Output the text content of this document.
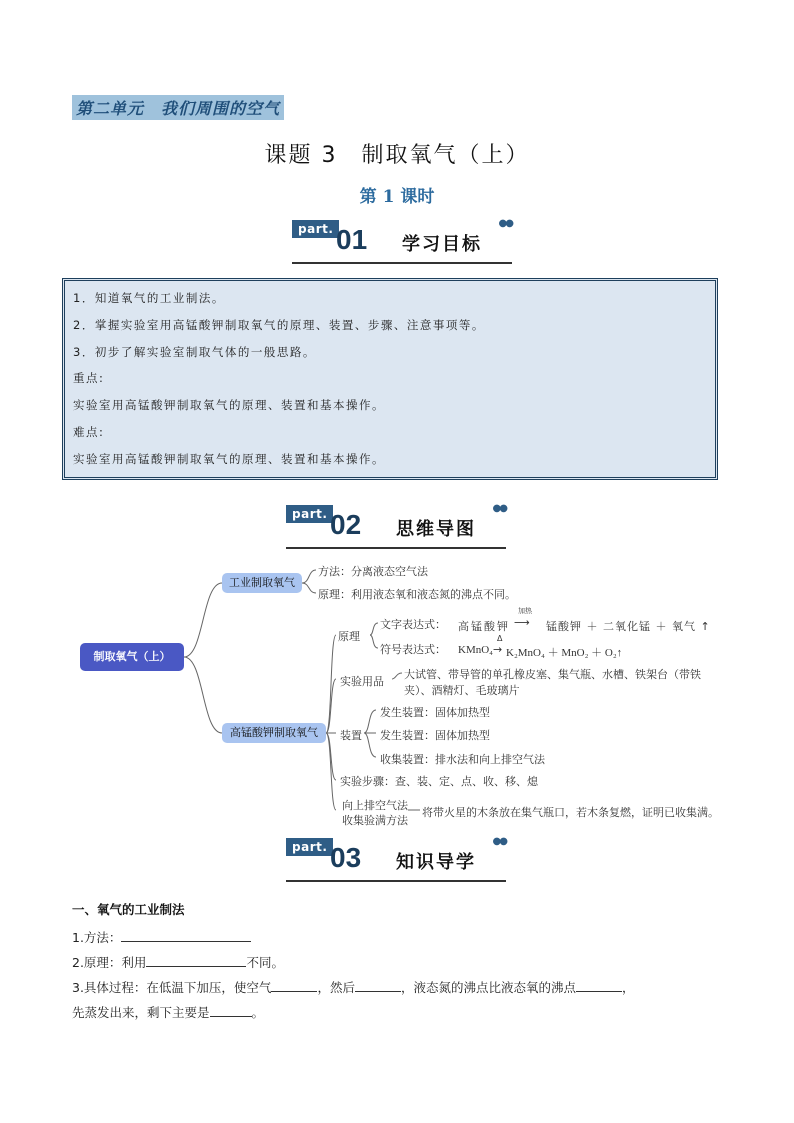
第二单元　我们周围的空气
课题 3　制取氧气（上）
第 1 课时
part. 01 学习目标
●●
1．知道氧气的工业制法。
2．掌握实验室用高锰酸钾制取氧气的原理、装置、步骤、注意事项等。
3．初步了解实验室制取气体的一般思路。
重点:
实验室用高锰酸钾制取氧气的原理、装置和基本操作。
难点:
实验室用高锰酸钾制取氧气的原理、装置和基本操作。
part. 02 思维导图
●●
制取氧气（上）
工业制取氧气
高锰酸钾制取氧气
方法：分离液态空气法
原理：利用液态氧和液态氮的沸点不同。
原理
文字表达式： 高锰酸钾
加热
⟶ 锰酸钾 ＋ 二氧化锰 ＋ 氧气 ↑
符号表达式： KMnO₄
Δ
→ K₂MnO₄ ＋ MnO₂ ＋ O₂↑
实验用品
大试管、带导管的单孔橡皮塞、集气瓶、水槽、铁架台（带铁
夹）、酒精灯、毛玻璃片
装置
发生装置：固体加热型
发生装置：固体加热型
收集装置：排水法和向上排空气法
实验步骤：查、装、定、点、收、移、熄
向上排空气法
收集验满方法
将带火星的木条放在集气瓶口，若木条复燃，证明已收集满。
part. 03 知识导学
●●
一、氧气的工业制法
1.方法：
2.原理：利用	不同。
3.具体过程：在低温下加压，使空气	，然后	，液态氮的沸点比液态氧的沸点	，
先蒸发出来，剩下主要是	。
